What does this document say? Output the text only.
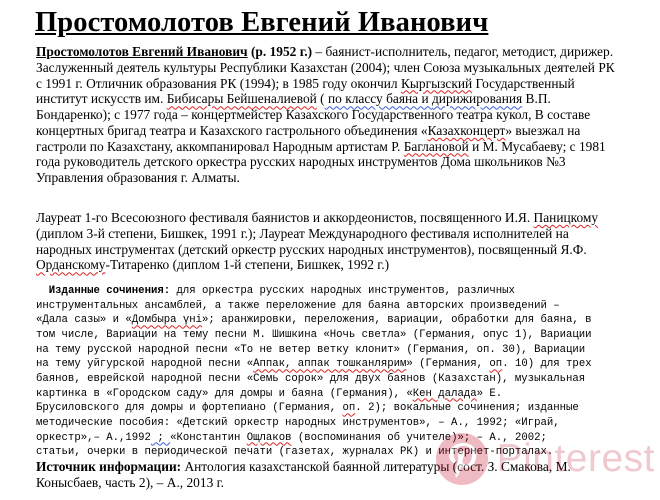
Простомолотов Евгений Иванович

Простомолотов Евгений Иванович (р. 1952 г.) – баянист-исполнитель, педагог, методист, дирижер.
Заслуженный деятель культуры Республики Казахстан (2004); член Союза музыкальных деятелей РК
с 1991 г. Отличник образования РК (1994); в 1985 году окончил Кыргызский Государственный
институт искусств им. Бибисары Бейшеналиевой ( по классу баяна и дирижирования В.П.
Бондаренко); с 1977 года – концертмейстер Казахского Государственного театра кукол, В составе
концертных бригад театра и Казахского гастрольного объединения «Казахконцерт» выезжал на
гастроли по Казахстану, аккомпанировал Народным артистам Р. Баглановой и М. Мусабаеву; с 1981
года руководитель детского оркестра русских народных инструментов Дома школьников №3
Управления образования г. Алматы.

Лауреат 1-го Всесоюзного фестиваля баянистов и аккордеонистов, посвященного И.Я. Паницкому
(диплом 3-й степени, Бишкек, 1991 г.); Лауреат Международного фестиваля исполнителей на
народных инструментах (детский оркестр русских народных инструментов), посвященный Я.Ф.
Орданскому-Титаренко (диплом 1-й степени, Бишкек, 1992 г.)

Изданные сочинения: для оркестра русских народных инструментов, различных
инструментальных ансамблей, а также переложение для баяна авторских произведений –
«Дала сазы» и «Домбыра үні»; аранжировки, переложения, вариации, обработки для баяна, в
том числе, Вариации на тему песни М. Шишкина «Ночь светла» (Германия, опус 1), Вариации
на тему русской народной песни «То не ветер ветку клонит» (Германия, оп. 30), Вариации
на тему уйгурской народной песни «Аппак, аппак тошканлярим» (Германия, оп. 10) для трех
баянов, еврейской народной песни «Семь сорок» для двух баянов (Казахстан), музыкальная
картинка в «Городском саду» для домры и баяна (Германия), «Кен далада» Е.
Брусиловского для домры и фортепиано (Германия, оп. 2); вокальные сочинения; изданные
методические пособия: «Детский оркестр народных инструментов», – А., 1992; «Играй,
оркестр»,– А.,1992 ; «Константин Ощлаков (воспоминания об учителе)»; – А., 2002;
статьи, очерки в периодической печати (газетах, журналах РК) и интернет-порталах.

Источник информации: Антология казахстанской баянной литературы (сост. З. Смакова, М.
Конысбаев, часть 2), – А., 2013 г.

Pinterest
